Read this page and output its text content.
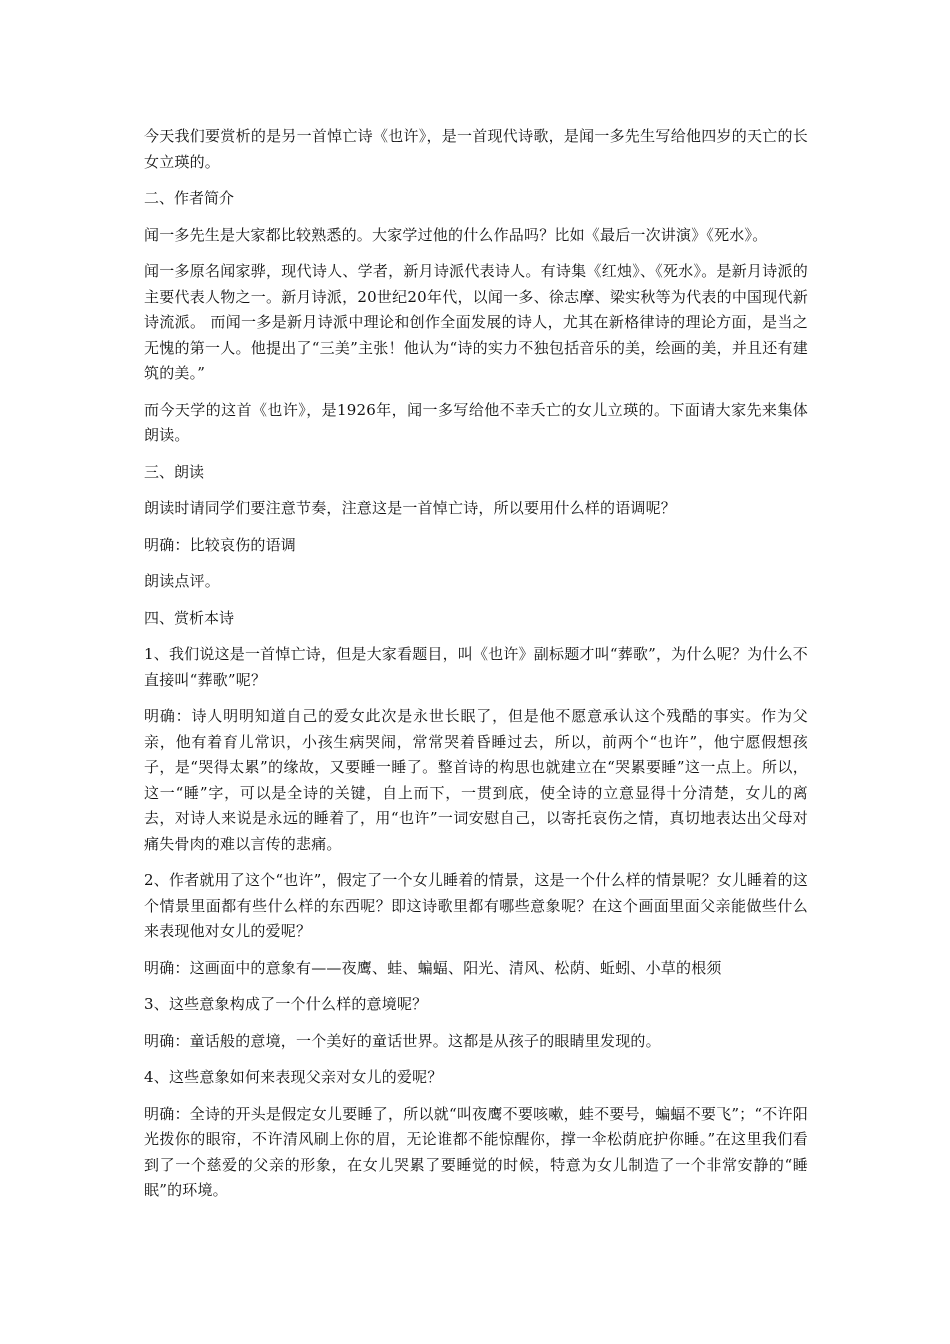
今天我们要赏析的是另一首悼亡诗《也许》，是一首现代诗歌，是闻一多先生写给他四岁的天亡的长女立瑛的。

二、作者简介

闻一多先生是大家都比较熟悉的。大家学过他的什么作品吗？比如《最后一次讲演》《死水》。

闻一多原名闻家骅，现代诗人、学者，新月诗派代表诗人。有诗集《红烛》、《死水》。是新月诗派的主要代表人物之一。新月诗派，20世纪20年代，以闻一多、徐志摩、梁实秋等为代表的中国现代新诗流派。 而闻一多是新月诗派中理论和创作全面发展的诗人，尤其在新格律诗的理论方面，是当之无愧的第一人。他提出了“三美”主张！他认为“诗的实力不独包括音乐的美，绘画的美，并且还有建筑的美。”

而今天学的这首《也许》，是1926年，闻一多写给他不幸夭亡的女儿立瑛的。下面请大家先来集体朗读。

三、朗读

朗读时请同学们要注意节奏，注意这是一首悼亡诗，所以要用什么样的语调呢？

明确：比较哀伤的语调

朗读点评。

四、赏析本诗

1、我们说这是一首悼亡诗，但是大家看题目，叫《也许》副标题才叫“葬歌”，为什么呢？为什么不直接叫“葬歌”呢？

明确：诗人明明知道自己的爱女此次是永世长眠了，但是他不愿意承认这个残酷的事实。作为父亲，他有着育儿常识，小孩生病哭闹，常常哭着昏睡过去，所以，前两个“也许”，他宁愿假想孩子，是“哭得太累”的缘故，又要睡一睡了。整首诗的构思也就建立在“哭累要睡”这一点上。所以，这一“睡”字，可以是全诗的关键，自上而下，一贯到底，使全诗的立意显得十分清楚，女儿的离去，对诗人来说是永远的睡着了，用“也许”一词安慰自己，以寄托哀伤之情，真切地表达出父母对痛失骨肉的难以言传的悲痛。

2、作者就用了这个“也许”，假定了一个女儿睡着的情景，这是一个什么样的情景呢？女儿睡着的这个情景里面都有些什么样的东西呢？即这诗歌里都有哪些意象呢？在这个画面里面父亲能做些什么来表现他对女儿的爱呢？

明确：这画面中的意象有——夜鹰、蛙、蝙蝠、阳光、清风、松荫、蚯蚓、小草的根须

3、这些意象构成了一个什么样的意境呢？

明确：童话般的意境，一个美好的童话世界。这都是从孩子的眼睛里发现的。

4、这些意象如何来表现父亲对女儿的爱呢？

明确：全诗的开头是假定女儿要睡了，所以就“叫夜鹰不要咳嗽，蛙不要号，蝙蝠不要飞”；“不许阳光拨你的眼帘，不许清风刷上你的眉，无论谁都不能惊醒你，撑一伞松荫庇护你睡。”在这里我们看到了一个慈爱的父亲的形象，在女儿哭累了要睡觉的时候，特意为女儿制造了一个非常安静的“睡眠”的环境。
